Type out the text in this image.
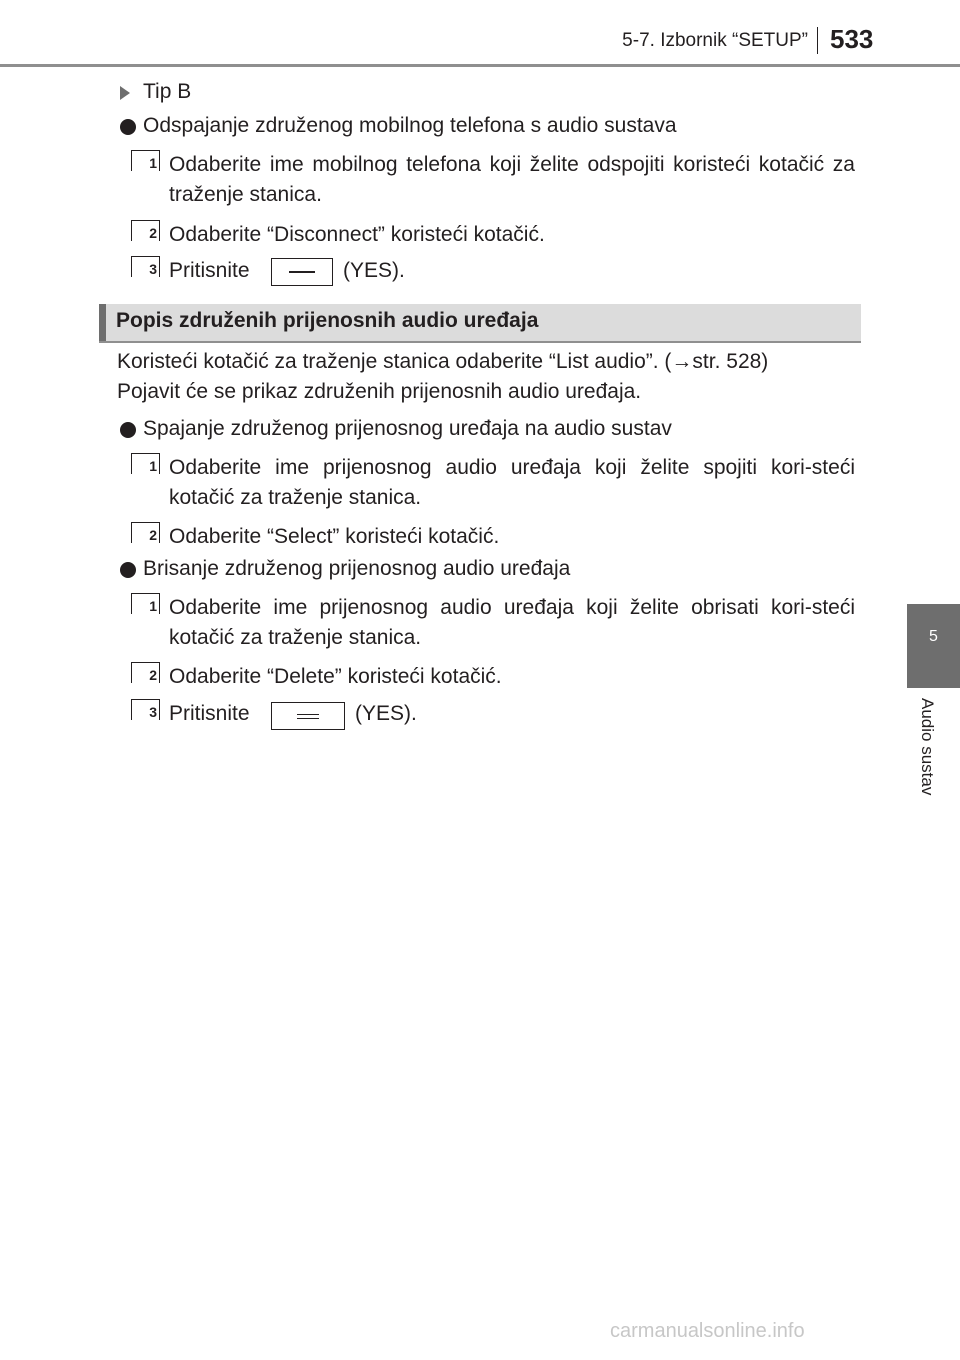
5-7. Izbornik “SETUP” 533
5
Audio sustav
Tip B
Odspajanje združenog mobilnog telefona s audio sustava
1 Odaberite ime mobilnog telefona koji želite odspojiti koristeći kotačić za traženje stanica.
2 Odaberite “Disconnect” koristeći kotačić.
3 Pritisnite	(YES).
Popis združenih prijenosnih audio uređaja
Koristeći kotačić za traženje stanica odaberite “List audio”. (→str. 528)
Pojavit će se prikaz združenih prijenosnih audio uređaja.
Spajanje združenog prijenosnog uređaja na audio sustav
1 Odaberite ime prijenosnog audio uređaja koji želite spojiti kori-steći kotačić za traženje stanica.
2 Odaberite “Select” koristeći kotačić.
Brisanje združenog prijenosnog audio uređaja
1 Odaberite ime prijenosnog audio uređaja koji želite obrisati kori-steći kotačić za traženje stanica.
2 Odaberite “Delete” koristeći kotačić.
3 Pritisnite	(YES).
carmanualsonline.info
